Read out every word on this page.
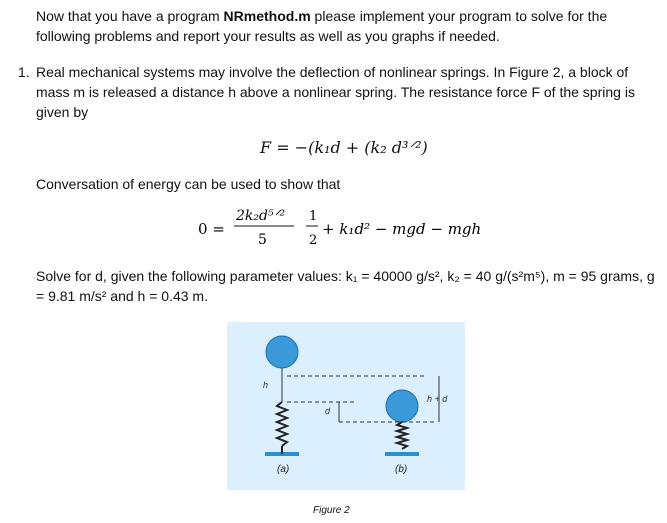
Now that you have a program NRmethod.m please implement your program to solve for the following problems and report your results as well as you graphs if needed.

1. Real mechanical systems may involve the deflection of nonlinear springs. In Figure 2, a block of mass m is released a distance h above a nonlinear spring. The resistance force F of the spring is given by

F = −(k₁d + (k₂ d³ᐟ²)

Conversation of energy can be used to show that

0 =
2k₂d⁵ᐟ²
5
1
2
+ k₁d² − mgd − mgh

Solve for d, given the following parameter values: k₁ = 40000 g/s², k₂ = 40 g/(s²m⁵), m = 95 grams, g = 9.81 m/s² and h = 0.43 m.

h
d
h + d
(a)	(b)
Figure 2
